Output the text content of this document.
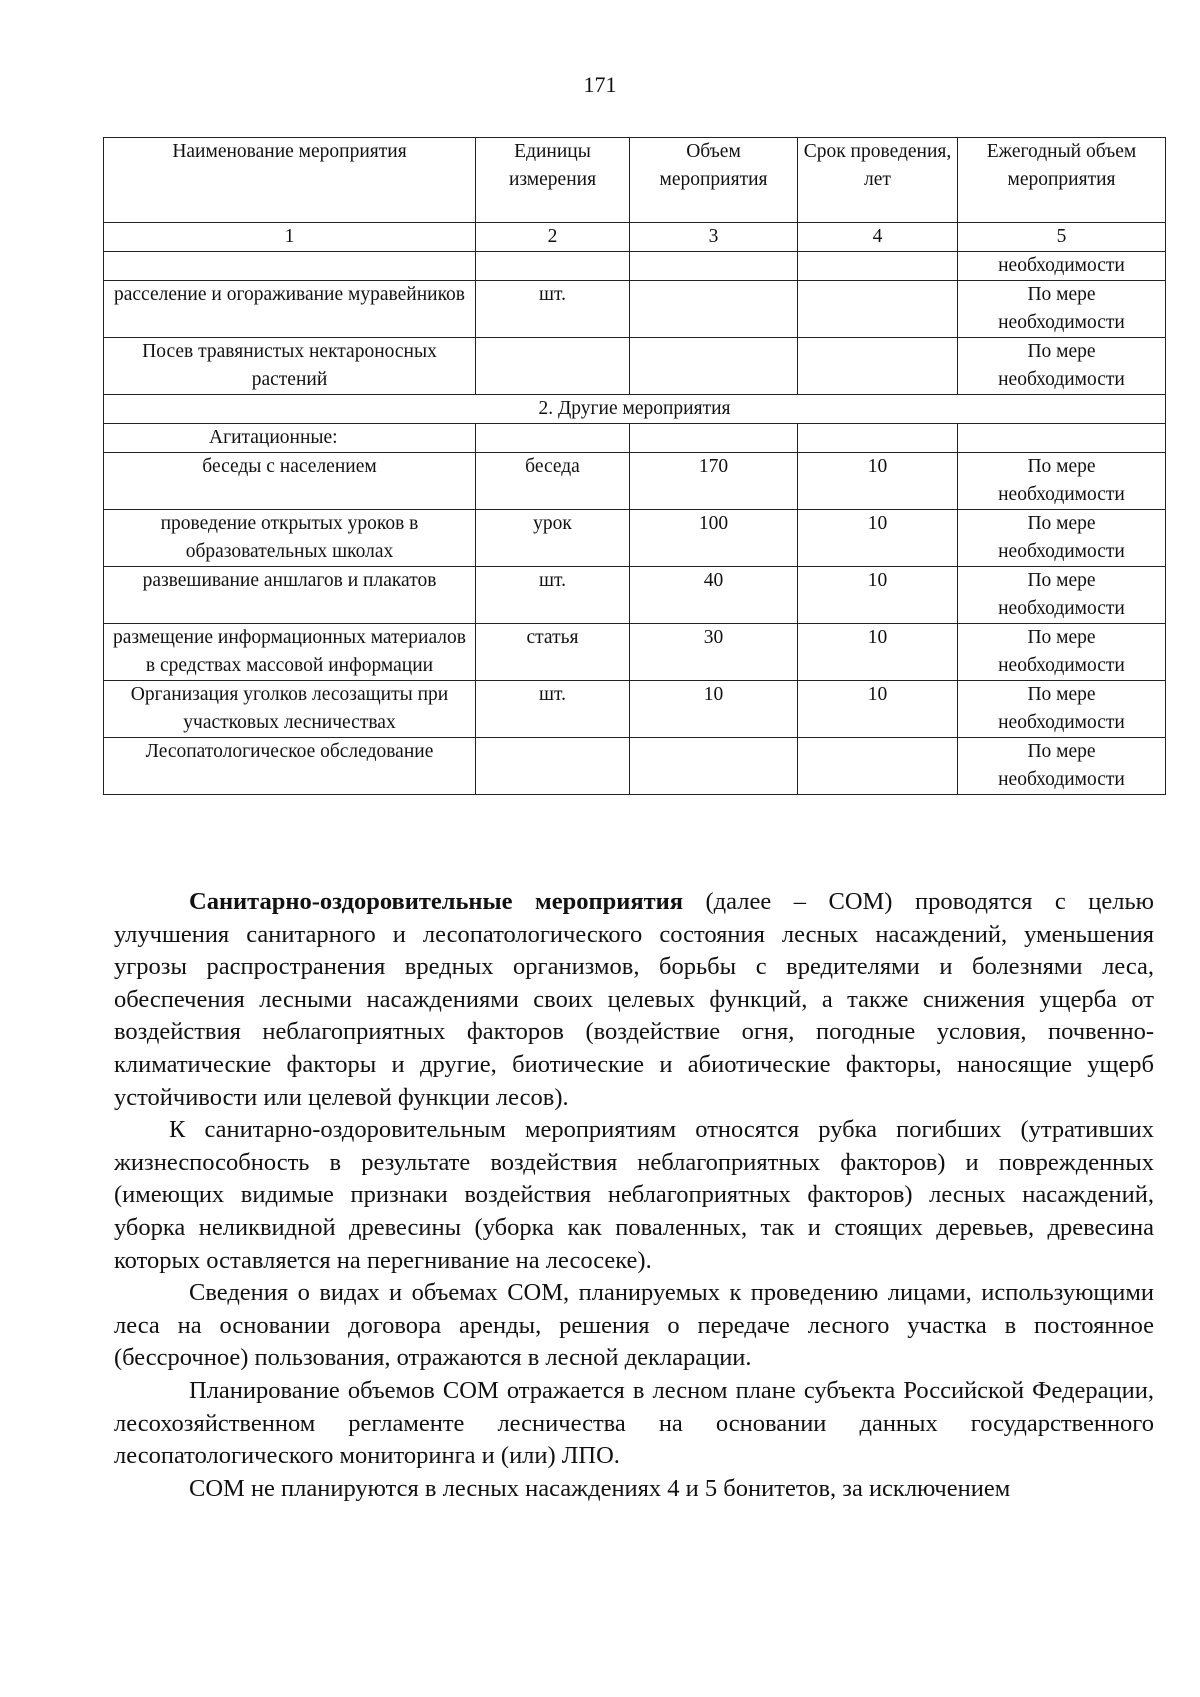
171
Наименование мероприятия	Единицы измерения	Объем мероприятия	Срок проведения, лет	Ежегодный объем мероприятия
1	2	3	4	5
				необходимости
расселение и огораживание муравейников	шт.			По мере необходимости
Посев травянистых нектароносных растений				По мере необходимости
2. Другие мероприятия				
Агитационные:				
беседы с населением	беседа	170	10	По мере необходимости
проведение открытых уроков в образовательных школах	урок	100	10	По мере необходимости
развешивание аншлагов и плакатов	шт.	40	10	По мере необходимости
размещение информационных материалов в средствах массовой информации	статья	30	10	По мере необходимости
Организация уголков лесозащиты при участковых лесничествах	шт.	10	10	По мере необходимости
Лесопатологическое обследование				По мере необходимости

Санитарно-оздоровительные мероприятия (далее – СОМ) проводятся с целью улучшения санитарного и лесопатологического состояния лесных насаждений, уменьшения угрозы распространения вредных организмов, борьбы с вредителями и болезнями леса, обеспечения лесными насаждениями своих целевых функций, а также снижения ущерба от воздействия неблагоприятных факторов (воздействие огня, погодные условия, почвенно-климатические факторы и другие, биотические и абиотические факторы, наносящие ущерб устойчивости или целевой функции лесов).

К санитарно-оздоровительным мероприятиям относятся рубка погибших (утративших жизнеспособность в результате воздействия неблагоприятных факторов) и поврежденных (имеющих видимые признаки воздействия неблагоприятных факторов) лесных насаждений, уборка неликвидной древесины (уборка как поваленных, так и стоящих деревьев, древесина которых оставляется на перегнивание на лесосеке).

Сведения о видах и объемах СОМ, планируемых к проведению лицами, использующими леса на основании договора аренды, решения о передаче лесного участка в постоянное (бессрочное) пользования, отражаются в лесной декларации.

Планирование объемов СОМ отражается в лесном плане субъекта Российской Федерации, лесохозяйственном регламенте лесничества на основании данных государственного лесопатологического мониторинга и (или) ЛПО.

СОМ не планируются в лесных насаждениях 4 и 5 бонитетов, за исключением
